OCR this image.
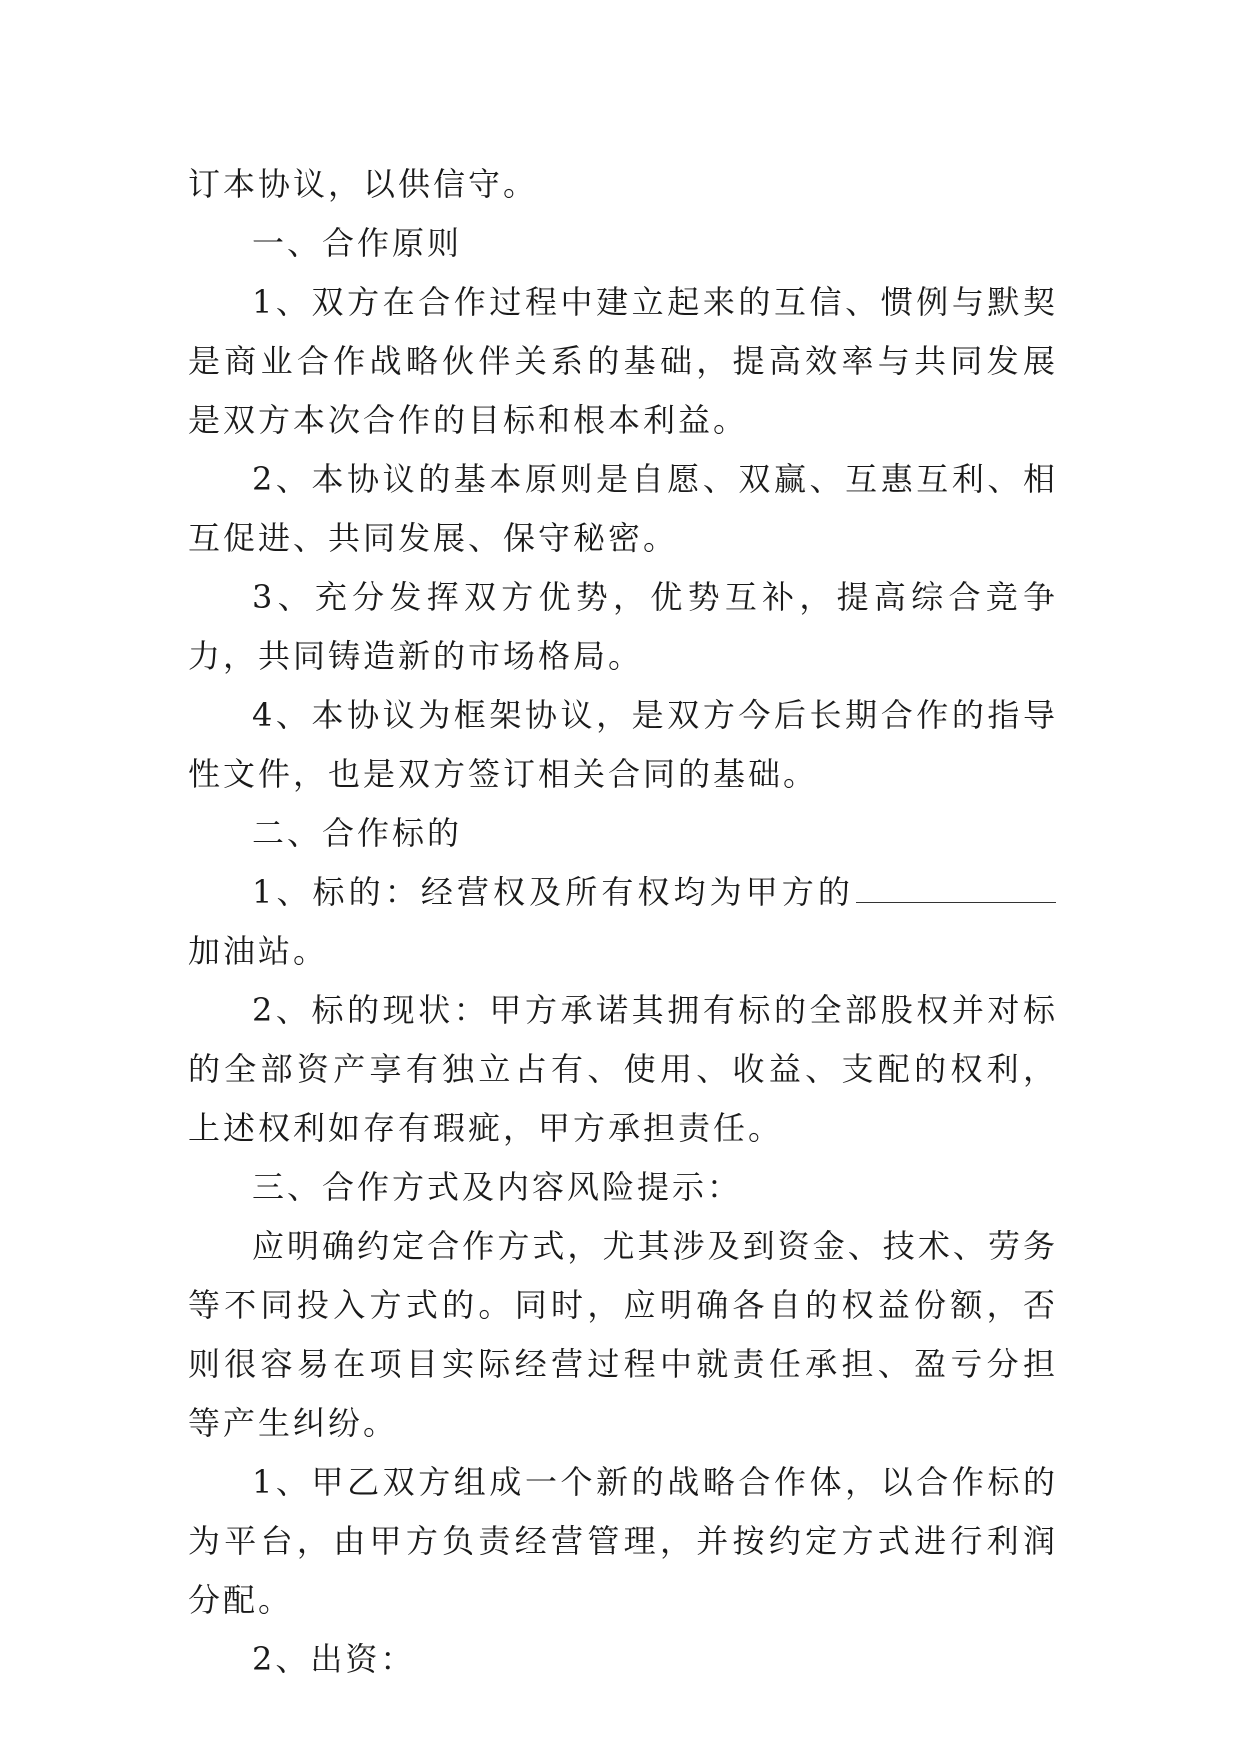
订本协议，以供信守。

一、合作原则

1、双方在合作过程中建立起来的互信、惯例与默契是商业合作战略伙伴关系的基础，提高效率与共同发展是双方本次合作的目标和根本利益。

2、本协议的基本原则是自愿、双赢、互惠互利、相互促进、共同发展、保守秘密。

3、充分发挥双方优势，优势互补，提高综合竞争力，共同铸造新的市场格局。

4、本协议为框架协议，是双方今后长期合作的指导性文件，也是双方签订相关合同的基础。

二、合作标的

1、标的：经营权及所有权均为甲方的加油站。

2、标的现状：甲方承诺其拥有标的全部股权并对标的全部资产享有独立占有、使用、收益、支配的权利，上述权利如存有瑕疵，甲方承担责任。

三、合作方式及内容风险提示：

应明确约定合作方式，尤其涉及到资金、技术、劳务等不同投入方式的。同时，应明确各自的权益份额，否则很容易在项目实际经营过程中就责任承担、盈亏分担等产生纠纷。

1、甲乙双方组成一个新的战略合作体，以合作标的为平台，由甲方负责经营管理，并按约定方式进行利润分配。

2、出资：
